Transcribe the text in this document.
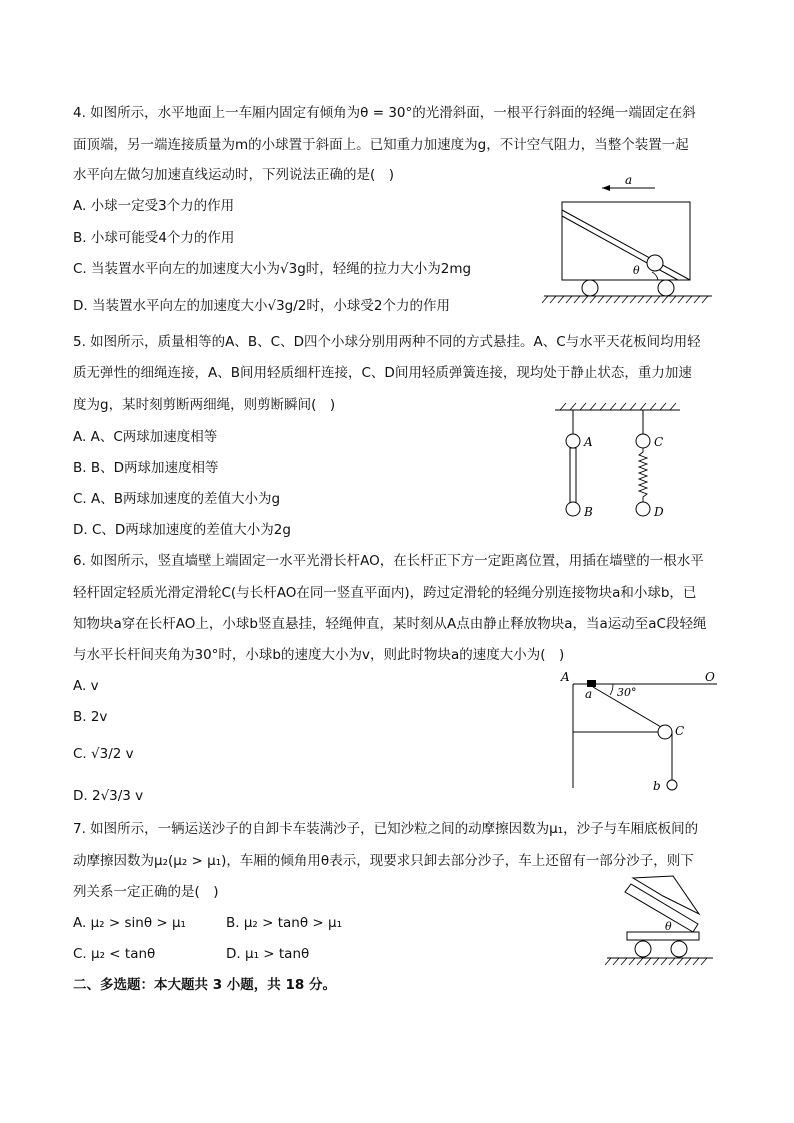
4. 如图所示，水平地面上一车厢内固定有倾角为θ = 30°的光滑斜面，一根平行斜面的轻绳一端固定在斜
面顶端，另一端连接质量为m的小球置于斜面上。已知重力加速度为g，不计空气阻力，当整个装置一起
水平向左做匀加速直线运动时，下列说法正确的是(　)
A. 小球一定受3个力的作用
B. 小球可能受4个力的作用
C. 当装置水平向左的加速度大小为√3g时，轻绳的拉力大小为2mg
D. 当装置水平向左的加速度大小√3g/2时，小球受2个力的作用
a
θ
5. 如图所示，质量相等的A、B、C、D四个小球分别用两种不同的方式悬挂。A、C与水平天花板间均用轻
质无弹性的细绳连接，A、B间用轻质细杆连接，C、D间用轻质弹簧连接，现均处于静止状态，重力加速
度为g，某时刻剪断两细绳，则剪断瞬间(　)
A. A、C两球加速度相等
B. B、D两球加速度相等
C. A、B两球加速度的差值大小为g
D. C、D两球加速度的差值大小为2g
A
B
C
D
6. 如图所示，竖直墙壁上端固定一水平光滑长杆AO，在长杆正下方一定距离位置，用插在墙壁的一根水平
轻杆固定轻质光滑定滑轮C(与长杆AO在同一竖直平面内)，跨过定滑轮的轻绳分别连接物块a和小球b，已
知物块a穿在长杆AO上，小球b竖直悬挂，轻绳伸直，某时刻从A点由静止释放物块a，当a运动至aC段轻绳
与水平长杆间夹角为30°时，小球b的速度大小为v，则此时物块a的速度大小为(　)
A. v
B. 2v
C. √3/2 v
D. 2√3/3 v
A	O
a 30°
C
b
7. 如图所示，一辆运送沙子的自卸卡车装满沙子，已知沙粒之间的动摩擦因数为μ₁，沙子与车厢底板间的
动摩擦因数为μ₂(μ₂ > μ₁)，车厢的倾角用θ表示，现要求只卸去部分沙子，车上还留有一部分沙子，则下
列关系一定正确的是(　)
A. μ₂ > sinθ > μ₁	B. μ₂ > tanθ > μ₁
C. μ₂ < tanθ	D. μ₁ > tanθ
θ
二、多选题：本大题共 3 小题，共 18 分。
